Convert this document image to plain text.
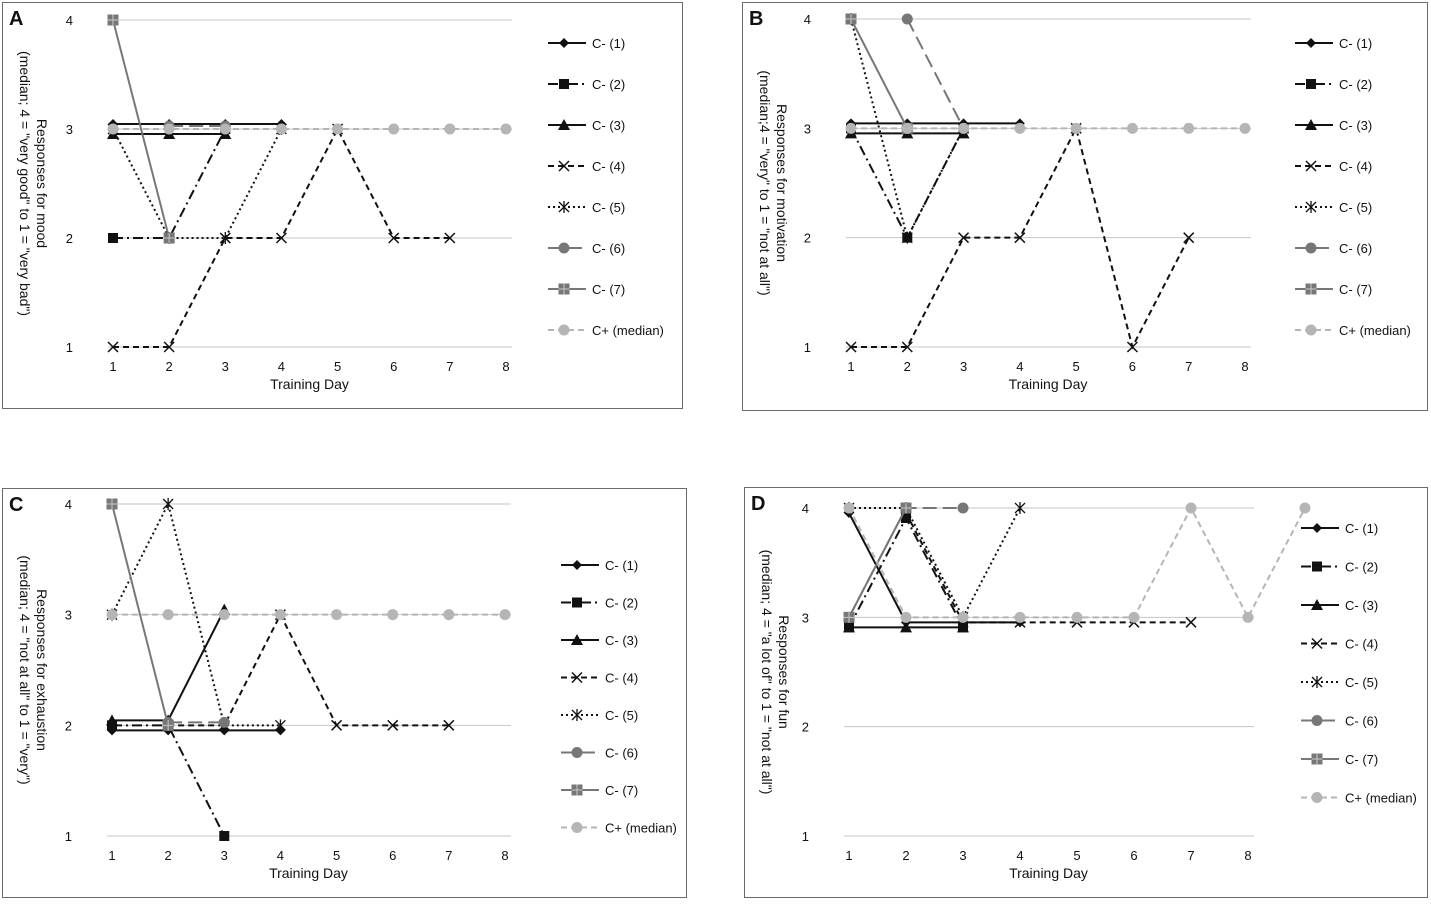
A
1
2
3
4
1	2	3	4	5	6	7	8
Training Day
Responses for mood
(median; 4 = "very good" to 1 = "very bad")
C- (1)
C- (2)
C- (3)
C- (4)
C- (5)
C- (6)
C- (7)
C+ (median)
B
1
2
3
4
1	2	3	4	5	6	7	8
Training Day
Responses for motivation
(median;4 = "very" to 1 = "not at all")
C- (1)
C- (2)
C- (3)
C- (4)
C- (5)
C- (6)
C- (7)
C+ (median)
C
1
2
3
4
1	2	3	4	5	6	7	8
Training Day
Responses for exhaustion
(median; 4 = "not at all" to 1 = "very")	C- (1)
C- (2)
C- (3)
C- (4)
C- (5)
C- (6)
C- (7)
C+ (median)
D
1
2
3
4
1	2	3	4	5	6	7	8
Training Day
Responses for fun
(median; 4 = "a lot of" to 1 = "not at all")
C- (1)
C- (2)
C- (3)
C- (4)
C- (5)
C- (6)
C- (7)
C+ (median)
